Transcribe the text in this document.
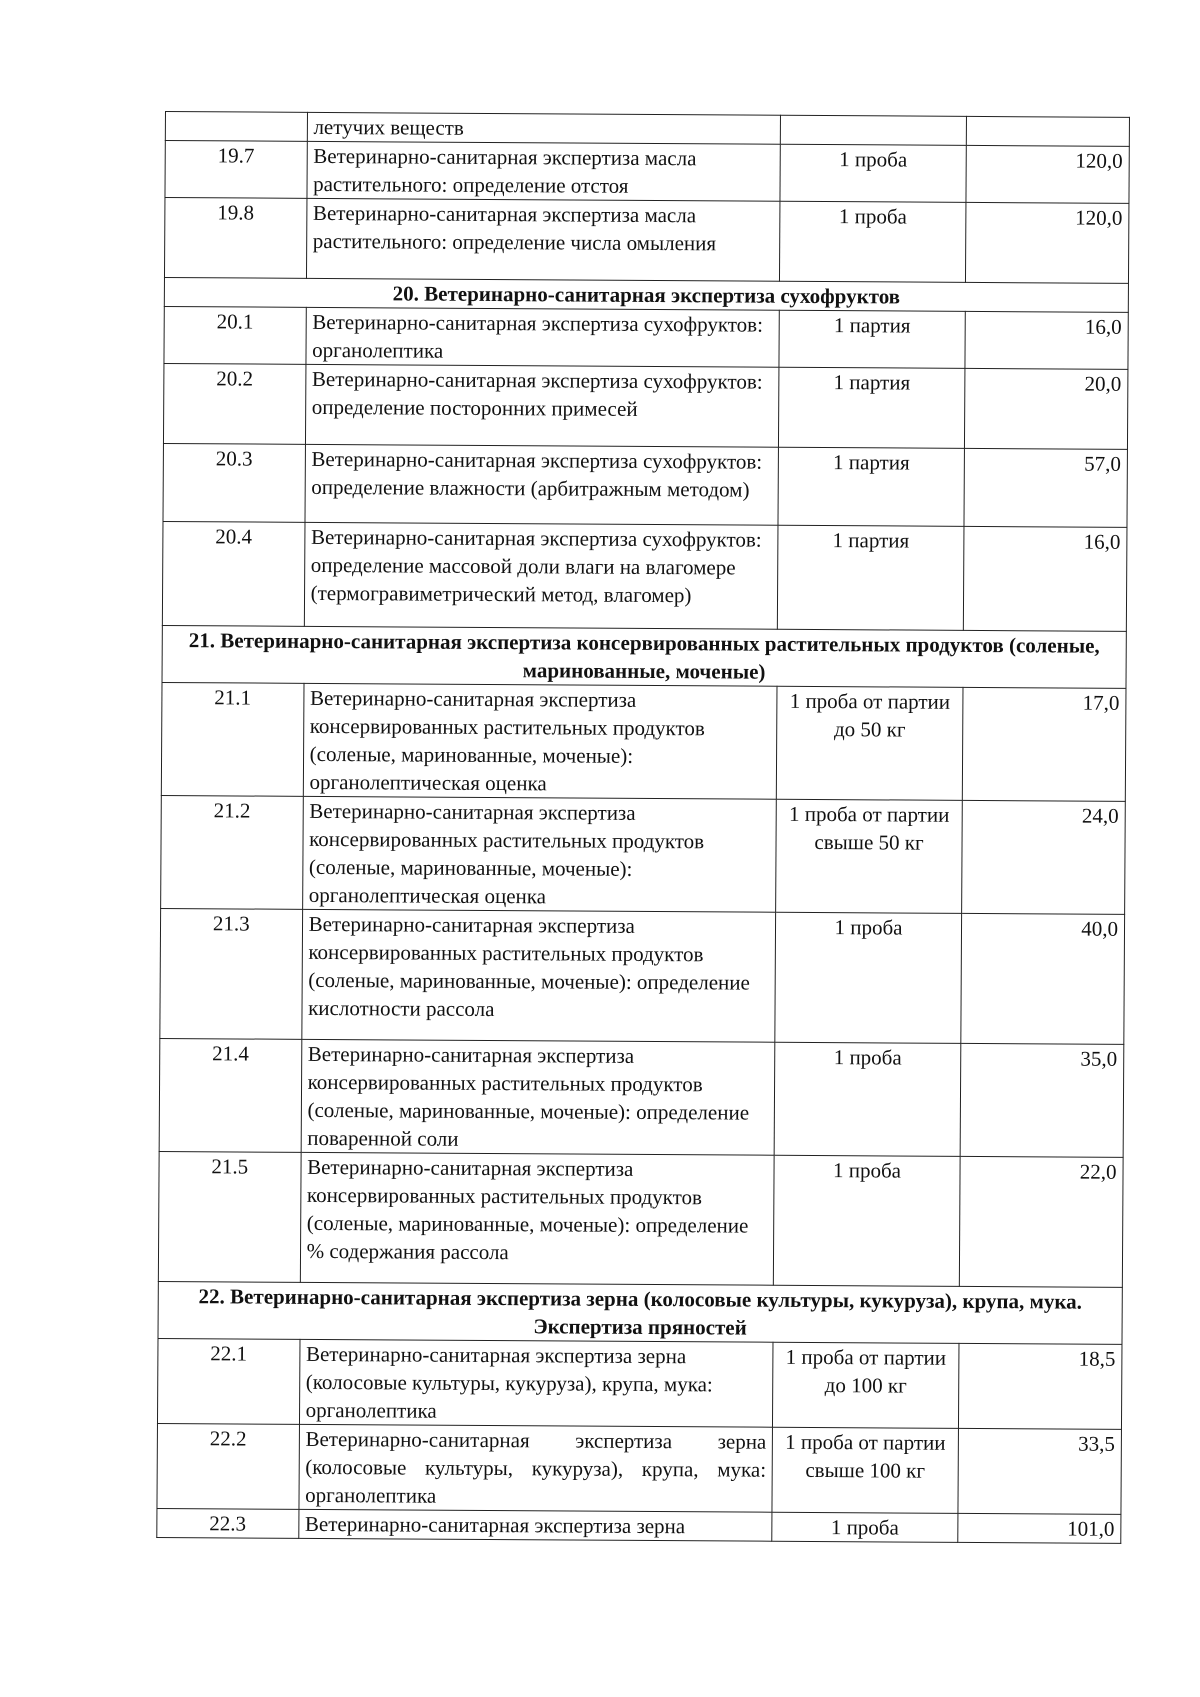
	летучих веществ		
19.7	Ветеринарно-санитарная экспертиза масла растительного: определение отстоя	1 проба	120,0
19.8	Ветеринарно-санитарная экспертиза масла растительного: определение числа омыления	1 проба	120,0
20. Ветеринарно-санитарная экспертиза сухофруктов			
20.1	Ветеринарно-санитарная экспертиза сухофруктов: органолептика	1 партия	16,0
20.2	Ветеринарно-санитарная экспертиза сухофруктов: определение посторонних примесей	1 партия	20,0
20.3	Ветеринарно-санитарная экспертиза сухофруктов: определение влажности (арбитражным методом)	1 партия	57,0
20.4	Ветеринарно-санитарная экспертиза сухофруктов: определение массовой доли влаги на влагомере (термогравиметрический метод, влагомер)	1 партия	16,0
21. Ветеринарно-санитарная экспертиза консервированных растительных продуктов (соленые, маринованные, моченые)			
21.1	Ветеринарно-санитарная экспертиза консервированных растительных продуктов (соленые, маринованные, моченые): органолептическая оценка	1 проба от партии до 50 кг	17,0
21.2	Ветеринарно-санитарная экспертиза консервированных растительных продуктов (соленые, маринованные, моченые): органолептическая оценка	1 проба от партии свыше 50 кг	24,0
21.3	Ветеринарно-санитарная экспертиза консервированных растительных продуктов (соленые, маринованные, моченые): определение кислотности рассола	1 проба	40,0
21.4	Ветеринарно-санитарная экспертиза консервированных растительных продуктов (соленые, маринованные, моченые): определение поваренной соли	1 проба	35,0
21.5	Ветеринарно-санитарная экспертиза консервированных растительных продуктов (соленые, маринованные, моченые): определение % содержания рассола	1 проба	22,0
22. Ветеринарно-санитарная экспертиза зерна (колосовые культуры, кукуруза), крупа, мука. Экспертиза пряностей			
22.1	Ветеринарно-санитарная экспертиза зерна (колосовые культуры, кукуруза), крупа, мука: органолептика	1 проба от партии до 100 кг	18,5
22.2	Ветеринарно-санитарная экспертиза зерна (колосовые культуры, кукуруза), крупа, мука: органолептика	1 проба от партии свыше 100 кг	33,5
22.3	Ветеринарно-санитарная экспертиза зерна	1 проба	101,0
